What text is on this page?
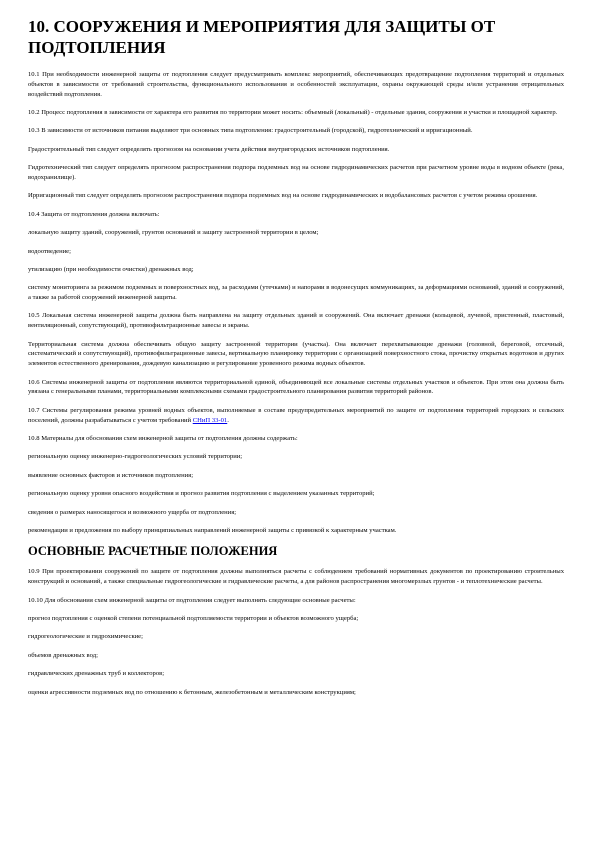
10. СООРУЖЕНИЯ И МЕРОПРИЯТИЯ ДЛЯ ЗАЩИТЫ ОТ ПОДТОПЛЕНИЯ

10.1 При необходимости инженерной защиты от подтопления следует предусматривать комплекс мероприятий, обеспечивающих предотвращение подтопления территорий и отдельных объектов в зависимости от требований строительства, функционального использования и особенностей эксплуатации, охраны окружающей среды и/или устранения отрицательных воздействий подтопления.

10.2 Процесс подтопления в зависимости от характера его развития по территории может носить: объемный (локальный) - отдельные здания, сооружения и участки и площадной характер.

10.3 В зависимости от источников питания выделяют три основных типа подтопления: градостроительный (городской), гидротехнический и ирригационный.

Градостроительный тип следует определять прогнозом на основании учета действия внутригородских источников подтопления.

Гидротехнический тип следует определять прогнозом распространения подпора подземных вод на основе гидродинамических расчетов при расчетном уровне воды в водном объекте (река, водохранилище).

Ирригационный тип следует определять прогнозом распространения подпора подземных вод на основе гидродинамических и водобалансовых расчетов с учетом режима орошения.

10.4 Защита от подтопления должна включать:

локальную защиту зданий, сооружений, грунтов оснований и защиту застроенной территории в целом;

водоотведение;

утилизацию (при необходимости очистки) дренажных вод;

систему мониторинга за режимом подземных и поверхностных вод, за расходами (утечками) и напорами в водонесущих коммуникациях, за деформациями оснований, зданий и сооружений, а также за работой сооружений инженерной защиты.

10.5 Локальная система инженерной защиты должна быть направлена на защиту отдельных зданий и сооружений. Она включает дренажи (кольцевой, лучевой, пристенный, пластовый, вентиляционный, сопутствующий), противофильтрационные завесы и экраны.

Территориальная система должна обеспечивать общую защиту застроенной территории (участка). Она включает перехватывающие дренажи (головной, береговой, отсечный, систематический и сопутствующий), противофильтрационные завесы, вертикальную планировку территории с организацией поверхностного стока, прочистку открытых водотоков и других элементов естественного дренирования, дождевую канализацию и регулирование уровенного режима водных объектов.

10.6 Системы инженерной защиты от подтопления являются территориальной единой, объединяющей все локальные системы отдельных участков и объектов. При этом она должна быть увязана с генеральными планами, территориальными комплексными схемами градостроительного планирования развития территорий районов.

10.7 Системы регулирования режима уровней водных объектов, выполняемые в составе предупредительных мероприятий по защите от подтопления территорий городских и сельских поселений, должны разрабатываться с учетом требований СНиП 33-01.

10.8 Материалы для обоснования схем инженерной защиты от подтопления должны содержать:

региональную оценку инженерно-гидрогеологических условий территории;

выявление основных факторов и источников подтопления;

региональную оценку уровня опасного воздействия и прогноз развития подтопления с выделением указанных территорий;

сведения о размерах наносящегося и возможного ущерба от подтопления;

рекомендации и предложения по выбору принципиальных направлений инженерной защиты с привязкой к характерным участкам.

ОСНОВНЫЕ РАСЧЕТНЫЕ ПОЛОЖЕНИЯ

10.9 При проектировании сооружений по защите от подтопления должны выполняться расчеты с соблюдением требований нормативных документов по проектированию строительных конструкций и оснований, а также специальные гидрогеологические и гидравлические расчеты, а для районов распространения многомерзлых грунтов - и теплотехнические расчеты.

10.10 Для обоснования схем инженерной защиты от подтопления следует выполнять следующие основные расчеты:

прогноз подтопления с оценкой степени потенциальной подтопляемости территории и объектов возможного ущерба;

гидрогеологические и гидрохимические;

объемов дренажных вод;

гидравлических дренажных труб и коллекторов;

оценки агрессивности подземных вод по отношению к бетонным, железобетонным и металлическим конструкциям;
